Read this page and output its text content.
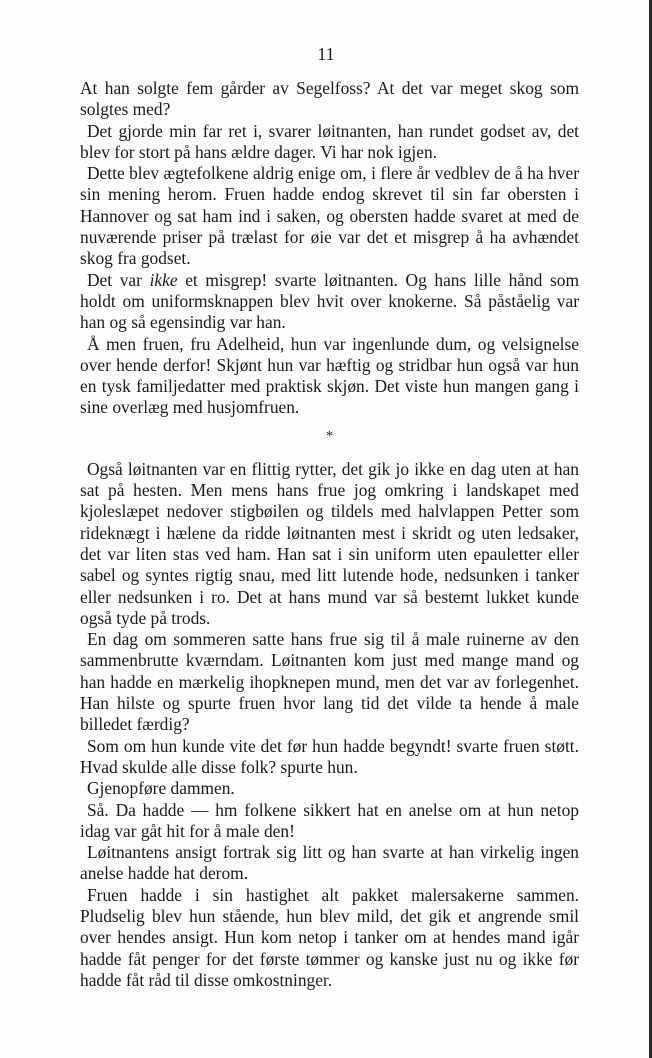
11

At han solgte fem gårder av Segelfoss? At det var meget skog som solgtes med?

Det gjorde min far ret i, svarer løitnanten, han rundet godset av, det blev for stort på hans ældre dager. Vi har nok igjen.

Dette blev ægtefolkene aldrig enige om, i flere år vedblev de å ha hver sin mening herom. Fruen hadde endog skrevet til sin far obersten i Hannover og sat ham ind i saken, og obersten hadde svaret at med de nuværende priser på trælast for øie var det et misgrep å ha avhændet skog fra godset.

Det var ikke et misgrep! svarte løitnanten. Og hans lille hånd som holdt om uniformsknappen blev hvit over knokerne. Så påståelig var han og så egensindig var han.

Å men fruen, fru Adelheid, hun var ingenlunde dum, og velsignelse over hende derfor! Skjønt hun var hæftig og stridbar hun også var hun en tysk familjedatter med praktisk skjøn. Det viste hun mangen gang i sine overlæg med husjomfruen.

*

Også løitnanten var en flittig rytter, det gik jo ikke en dag uten at han sat på hesten. Men mens hans frue jog omkring i landskapet med kjoleslæpet nedover stigbøilen og tildels med halvlappen Petter som rideknægt i hælene da ridde løitnanten mest i skridt og uten ledsaker, det var liten stas ved ham. Han sat i sin uniform uten epauletter eller sabel og syntes rigtig snau, med litt lutende hode, nedsunken i tanker eller nedsunken i ro. Det at hans mund var så bestemt lukket kunde også tyde på trods.

En dag om sommeren satte hans frue sig til å male ruinerne av den sammenbrutte kværndam. Løitnanten kom just med mange mand og han hadde en mærkelig ihopknepen mund, men det var av forlegenhet. Han hilste og spurte fruen hvor lang tid det vilde ta hende å male billedet færdig?

Som om hun kunde vite det før hun hadde begyndt! svarte fruen støtt. Hvad skulde alle disse folk? spurte hun.

Gjenopføre dammen.

Så. Da hadde — hm folkene sikkert hat en anelse om at hun netop idag var gåt hit for å male den!

Løitnantens ansigt fortrak sig litt og han svarte at han virkelig ingen anelse hadde hat derom.

Fruen hadde i sin hastighet alt pakket malersakerne sammen. Pludselig blev hun stående, hun blev mild, det gik et angrende smil over hendes ansigt. Hun kom netop i tanker om at hendes mand igår hadde fåt penger for det første tømmer og kanske just nu og ikke før hadde fåt råd til disse omkostninger.
